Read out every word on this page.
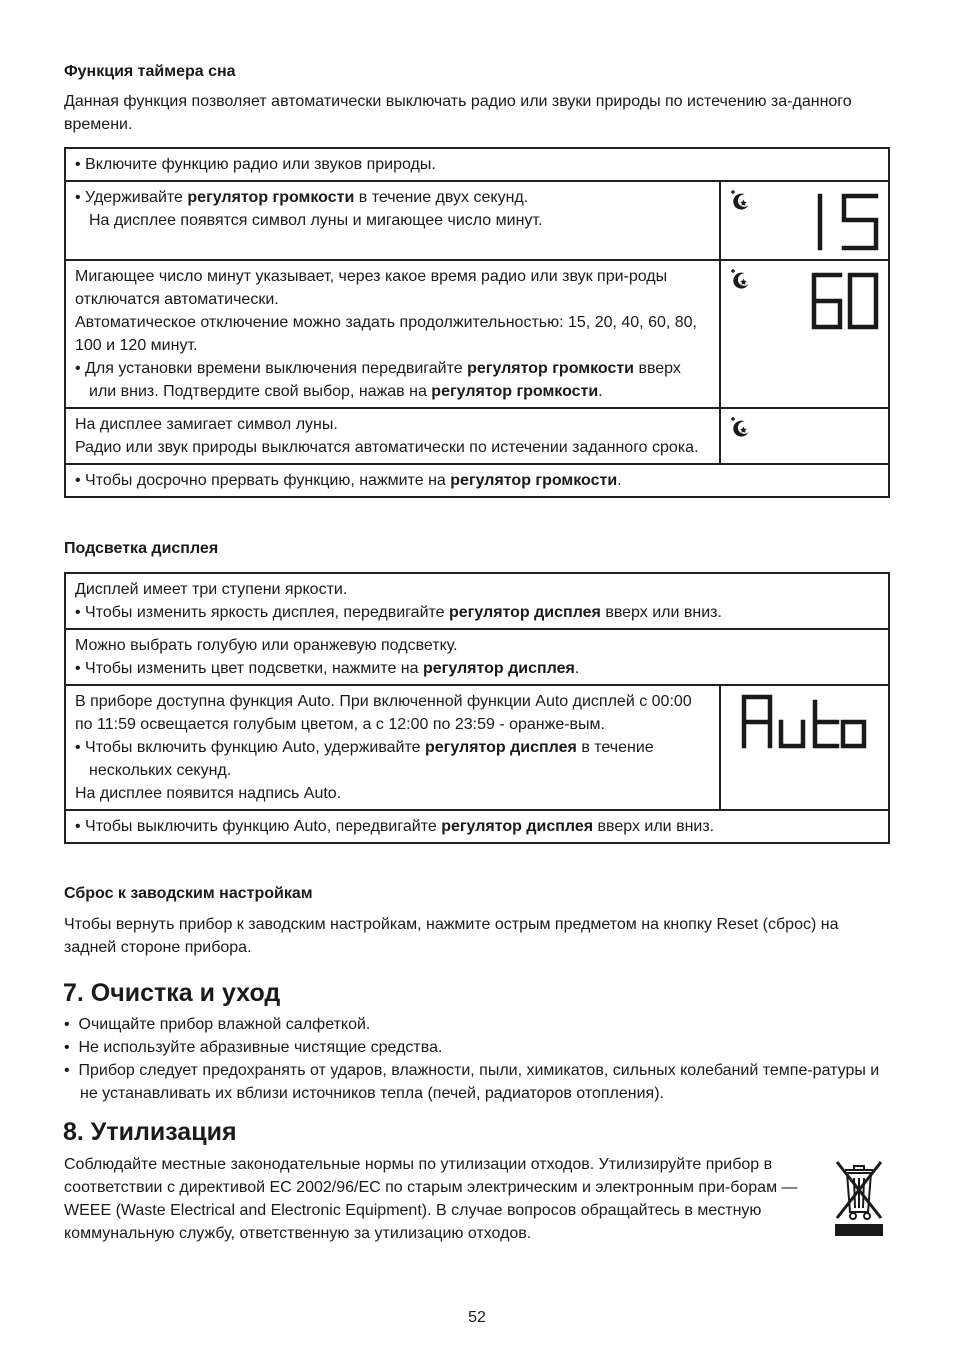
Функция таймера сна

Данная функция позволяет автоматически выключать радио или звуки природы по истечению за-данного времени.

• Включите функцию радио или звуков природы.	

• Удерживайте регулятор громкости в течение двух секунд.
На дисплее появятся символ луны и мигающее число минут.

Мигающее число минут указывает, через какое время радио или звук при-роды отключатся автоматически.
Автоматическое отключение можно задать продолжительностью: 15, 20, 40, 60, 80, 100 и 120 минут.
• Для установки времени выключения передвигайте регулятор громкости вверх или вниз. Подтвердите свой выбор, нажав на регулятор громкости.

На дисплее замигает символ луны.
Радио или звук природы выключатся автоматически по истечении заданного срока.

• Чтобы досрочно прервать функцию, нажмите на регулятор громкости.	
Подсветка дисплея
Дисплей имеет три ступени яркости.
• Чтобы изменить яркость дисплея, передвигайте регулятор дисплея вверх или вниз.

Можно выбрать голубую или оранжевую подсветку.
• Чтобы изменить цвет подсветки, нажмите на регулятор дисплея.

В приборе доступна функция Auto. При включенной функции Auto дисплей с 00:00 по 11:59 освещается голубым цветом, а с 12:00 по 23:59 - оранже-вым.
• Чтобы включить функцию Auto, удерживайте регулятор дисплея в течение нескольких секунд.
На дисплее появится надпись Auto.

• Чтобы выключить функцию Auto, передвигайте регулятор дисплея вверх или вниз.
Сброс к заводским настройкам

Чтобы вернуть прибор к заводским настройкам, нажмите острым предметом на кнопку Reset (сброс) на задней стороне прибора.

7. Очистка и уход
•  Очищайте прибор влажной салфеткой.
•  Не используйте абразивные чистящие средства.
•  Прибор следует предохранять от ударов, влажности, пыли, химикатов, сильных колебаний темпе-ратуры и не устанавливать их вблизи источников тепла (печей, радиаторов отопления).
8. Утилизация

Соблюдайте местные законодательные нормы по утилизации отходов. Утилизируйте прибор в соответствии с директивой ЕС 2002/96/ЕС по старым электрическим и электронным при-борам — WEEE (Waste Electrical and Electronic Equipment). В случае вопросов обращайтесь в местную коммунальную службу, ответственную за утилизацию отходов.

52
